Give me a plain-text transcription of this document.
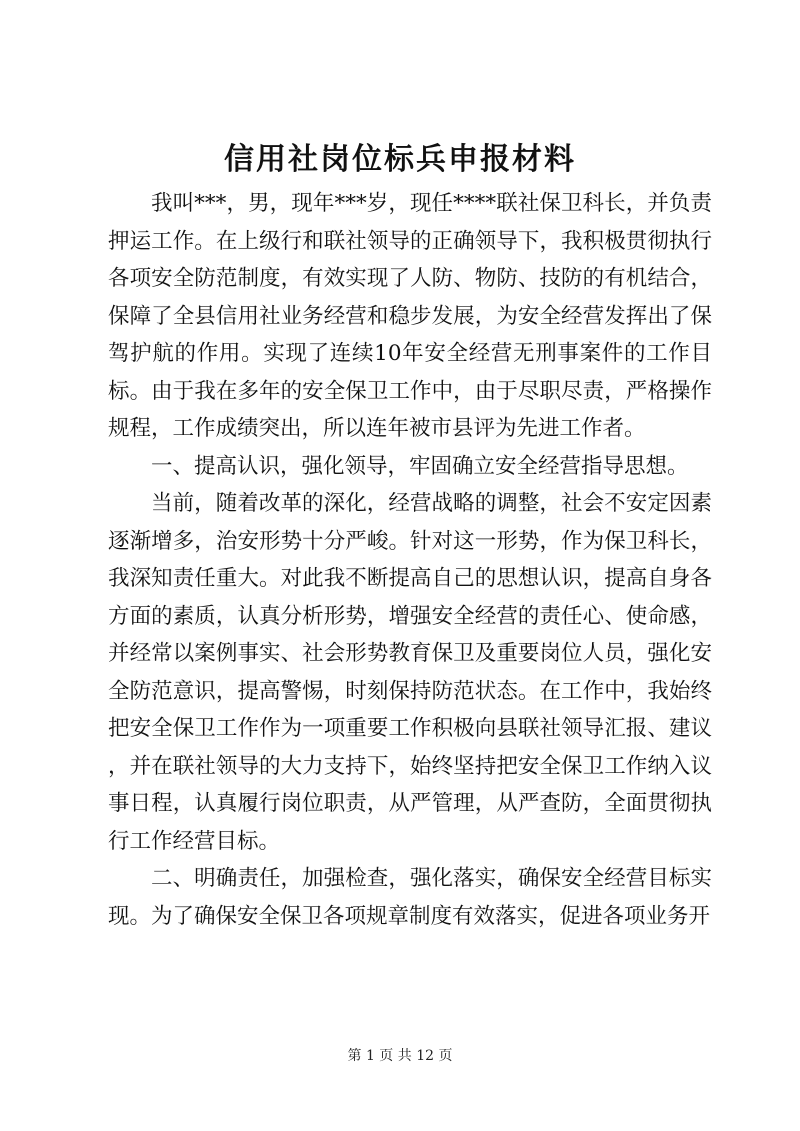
信用社岗位标兵申报材料

我叫***，男，现年***岁，现任****联社保卫科长，并负责押运工作。在上级行和联社领导的正确领导下，我积极贯彻执行各项安全防范制度，有效实现了人防、物防、技防的有机结合，保障了全县信用社业务经营和稳步发展，为安全经营发挥出了保驾护航的作用。实现了连续10年安全经营无刑事案件的工作目标。由于我在多年的安全保卫工作中，由于尽职尽责，严格操作规程，工作成绩突出，所以连年被市县评为先进工作者。

一、提高认识，强化领导，牢固确立安全经营指导思想。

当前，随着改革的深化，经营战略的调整，社会不安定因素逐渐增多，治安形势十分严峻。针对这一形势，作为保卫科长，我深知责任重大。对此我不断提高自己的思想认识，提高自身各方面的素质，认真分析形势，增强安全经营的责任心、使命感，并经常以案例事实、社会形势教育保卫及重要岗位人员，强化安全防范意识，提高警惕，时刻保持防范状态。在工作中，我始终把安全保卫工作作为一项重要工作积极向县联社领导汇报、建议，并在联社领导的大力支持下，始终坚持把安全保卫工作纳入议事日程，认真履行岗位职责，从严管理，从严查防，全面贯彻执行工作经营目标。

二、明确责任，加强检查，强化落实，确保安全经营目标实现。为了确保安全保卫各项规章制度有效落实，促进各项业务开

第 1 页 共 12 页
